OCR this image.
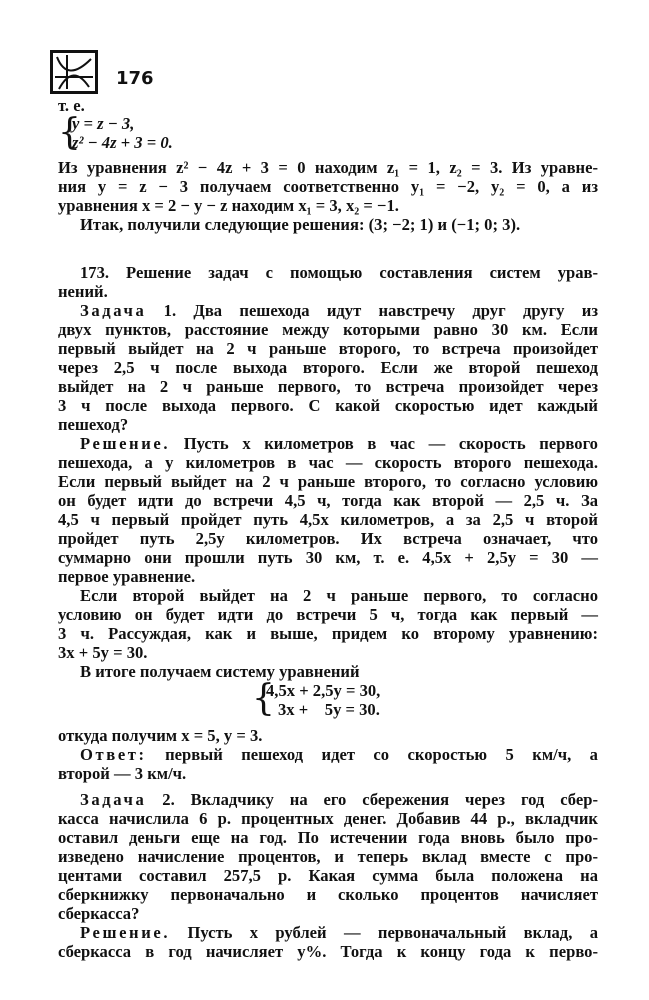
176
т. е.
{
y = z − 3,
z² − 4z + 3 = 0.
Из уравнения z² − 4z + 3 = 0 находим z₁ = 1, z₂ = 3. Из уравне-
ния y = z − 3 получаем соответственно y₁ = −2, y₂ = 0, а из
уравнения x = 2 − y − z находим x₁ = 3, x₂ = −1.
Итак, получили следующие решения: (3; −2; 1) и (−1; 0; 3).
173. Решение задач с помощью составления систем урав-
нений.
Задача 1. Два пешехода идут навстречу друг другу из
двух пунктов, расстояние между которыми равно 30 км. Если
первый выйдет на 2 ч раньше второго, то встреча произойдет
через 2,5 ч после выхода второго. Если же второй пешеход
выйдет на 2 ч раньше первого, то встреча произойдет через
3 ч после выхода первого. С какой скоростью идет каждый
пешеход?
Решение. Пусть x километров в час — скорость первого
пешехода, а y километров в час — скорость второго пешехода.
Если первый выйдет на 2 ч раньше второго, то согласно условию
он будет идти до встречи 4,5 ч, тогда как второй — 2,5 ч. За
4,5 ч первый пройдет путь 4,5x километров, а за 2,5 ч второй
пройдет путь 2,5y километров. Их встреча означает, что
суммарно они прошли путь 30 км, т. е. 4,5x + 2,5y = 30 —
первое уравнение.
Если второй выйдет на 2 ч раньше первого, то согласно
условию он будет идти до встречи 5 ч, тогда как первый —
3 ч. Рассуждая, как и выше, придем ко второму уравнению:
3x + 5y = 30.
В итоге получаем систему уравнений
{
4,5x + 2,5y = 30,
3x +    5y = 30.
откуда получим x = 5, y = 3.
Ответ: первый пешеход идет со скоростью 5 км/ч, а
второй — 3 км/ч.
Задача 2. Вкладчику на его сбережения через год сбер-
касса начислила 6 р. процентных денег. Добавив 44 р., вкладчик
оставил деньги еще на год. По истечении года вновь было про-
изведено начисление процентов, и теперь вклад вместе с про-
центами составил 257,5 р. Какая сумма была положена на
сберкнижку первоначально и сколько процентов начисляет
сберкасса?
Решение. Пусть x рублей — первоначальный вклад, а
сберкасса в год начисляет y%. Тогда к концу года к перво-
